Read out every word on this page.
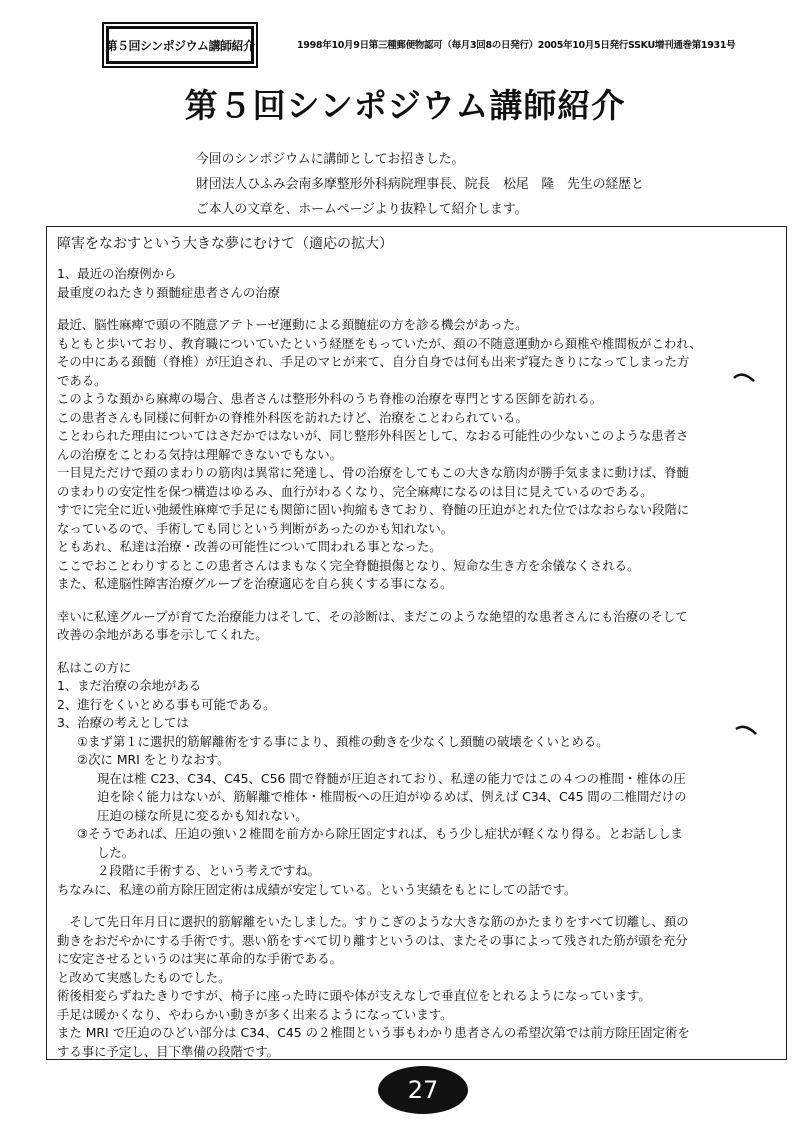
第５回シンポジウム講師紹介	1998年10月9日第三種郵便物認可（毎月3回8の日発行）2005年10月5日発行SSKU増刊通巻第1931号
第５回シンポジウム講師紹介
今回のシンポジウムに講師としてお招きした。
財団法人ひふみ会南多摩整形外科病院理事長、院長　松尾　隆　先生の経歴と
ご本人の文章を、ホームページより抜粋して紹介します。
障害をなおすという大きな夢にむけて（適応の拡大）
1、最近の治療例から
最重度のねたきり頚髄症患者さんの治療
最近、脳性麻痺で頭の不随意アテトーゼ運動による頚髄症の方を診る機会があった。
もともと歩いており、教育職についていたという経歴をもっていたが、頚の不随意運動から頚椎や椎間板がこわれ、
その中にある頚髄（脊椎）が圧迫され、手足のマヒが来て、自分自身では何も出来ず寝たきりになってしまった方
である。
このような頚から麻痺の場合、患者さんは整形外科のうち脊椎の治療を専門とする医師を訪れる。
この患者さんも同様に何軒かの脊椎外科医を訪れたけど、治療をことわられている。
ことわられた理由についてはさだかではないが、同じ整形外科医として、なおる可能性の少ないこのような患者さ
んの治療をことわる気持は理解できないでもない。
一目見ただけで頚のまわりの筋肉は異常に発達し、骨の治療をしてもこの大きな筋肉が勝手気ままに動けば、脊髄
のまわりの安定性を保つ構造はゆるみ、血行がわるくなり、完全麻痺になるのは目に見えているのである。
すでに完全に近い弛緩性麻痺で手足にも関節に固い拘縮もきており、脊髄の圧迫がとれた位ではなおらない段階に
なっているので、手術しても同じという判断があったのかも知れない。
ともあれ、私達は治療・改善の可能性について問われる事となった。
ここでおことわりするとこの患者さんはまもなく完全脊髄損傷となり、短命な生き方を余儀なくされる。
また、私達脳性障害治療グループを治療適応を自ら狭くする事になる。
幸いに私達グループが育てた治療能力はそして、その診断は、まだこのような絶望的な患者さんにも治療のそして
改善の余地がある事を示してくれた。
私はこの方に
1、まだ治療の余地がある
2、進行をくいとめる事も可能である。
3、治療の考えとしては
①まず第１に選択的筋解離術をする事により、頚椎の動きを少なくし頚髄の破壊をくいとめる。
②次に MRI をとりなおす。
現在は椎 C23、C34、C45、C56 間で脊髄が圧迫されており、私達の能力ではこの４つの椎間・椎体の圧
迫を除く能力はないが、筋解離で椎体・椎間板への圧迫がゆるめば、例えば C34、C45 間の二椎間だけの
圧迫の様な所見に変るかも知れない。
③そうであれば、圧迫の強い２椎間を前方から除圧固定すれば、もう少し症状が軽くなり得る。とお話ししま
した。
２段階に手術する、という考えですね。
ちなみに、私達の前方除圧固定術は成績が安定している。という実績をもとにしての話です。
　そして先日年月日に選択的筋解離をいたしました。すりこぎのような大きな筋のかたまりをすべて切離し、頚の
動きをおだやかにする手術です。悪い筋をすべて切り離すというのは、またその事によって残された筋が頭を充分
に安定させるというのは実に革命的な手術である。
と改めて実感したものでした。
術後相変らずねたきりですが、椅子に座った時に頭や体が支えなしで垂直位をとれるようになっています。
手足は暖かくなり、やわらかい動きが多く出来るようになっています。
また MRI で圧迫のひどい部分は C34、C45 の２椎間という事もわかり患者さんの希望次第では前方除圧固定術を
する事に予定し、目下準備の段階です。
27
